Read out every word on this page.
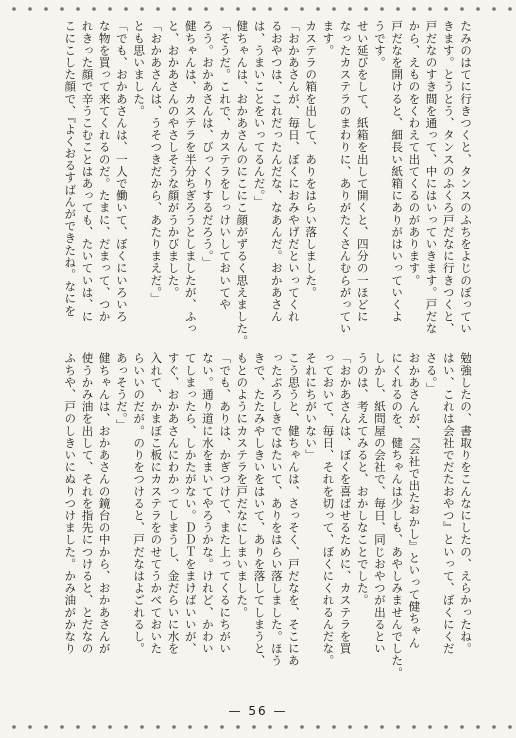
たみのはてに行きつくと、タンスのふちをよじのぼってい

きます。とうとう、タンスのふくろ戸だなに行きつくと、

戸だなのすき間を通って、中にはいっていきます。戸だな

から、えものをくわえて出てくるのがあります。

戸だなを開けると、細長い紙箱にありがはいっていくよ

うです。

せい延びをして、紙箱を出して開くと、四分の一ほどに

なったカステラのまわりに、ありがたくさんむらがってい

ます。

カステラの箱を出して、ありをはらい落しました。

「おかあさんが、毎日、ぼくにおみやげだといってくれ

るおやつは、これだったんだな、なあんだ。おかあさん

は、うまいことをいってるんだ。」

健ちゃんは、おかあさんのにこにこ顔がずるく思えました。

「そうだ。これで、カステラをしっけいしておいてや

ろう。おかあさんは、びっくりするだろう。」

健ちゃんは、カステラを半分ちぎろうとしましたが、ふっ

と、おかあさんのやさしそうな顔がうかびました。

「おかあさんは、うそつきだから、あたりまえだ。」

とも思いました。

「でも、おかあさんは、一人で働いて、ぼくにいろいろ

な物を買って来てくれるのだ。たまに、だまって、つか

れきった顔で辛うこむことはあっても、たいていは、に

こにこした顔で、『よくおるすばんができたね。なにを

勉強したの、書取りをこんなにしたの、えらかったね。

はい、これは会社でだたおやつ』といって、ぼくにくだ

さる。」

おかあさんが、『会社で出たおかし』といって健ちゃん

にくれるのを、健ちゃんは少しも、あやしみませんでした。

しかし、紙問屋の会社で、毎日、同じおやつが出るとい

うのは、考えてみると、おかしなことでした。

「おかあさんは、ぼくを喜ばせるために、カステラを買

っておいて、毎日、それを切って、ぼくにくれるんだな。

それにちがいない」

こう思うと、健ちゃんは、さっそく、戸だなを、そこにあ

ったぶろしきではたいて、ありをはらい落しました。ほう

きで、たたみやしきいをはいて、ありを落してしまうと、

もとのようにカステラを戸だなにしまいました。

「でも、ありは、かぎつけて、また上ってくるにちがい

ない。通り道に水をまいてやろうかな。けれど、かわい

てしまったら、しかたがない。ＤＤＴをまけばいいが、

すぐ、おかあさんにわかってしまうし、金だらいに水を

入れて、かまぼこ板にカステラをのせてうかべておいた

らいいのだが。のりをつけると、戸だなはよごれるし。

あっそうだ。」

健ちゃんは、おかあさんの鏡台の中から、おかあさんが

使うかみ油を出して、それを指先につけると、とだなの

ふちや、戸のしきいにぬりつけました。かみ油がかなり

— 56 —
